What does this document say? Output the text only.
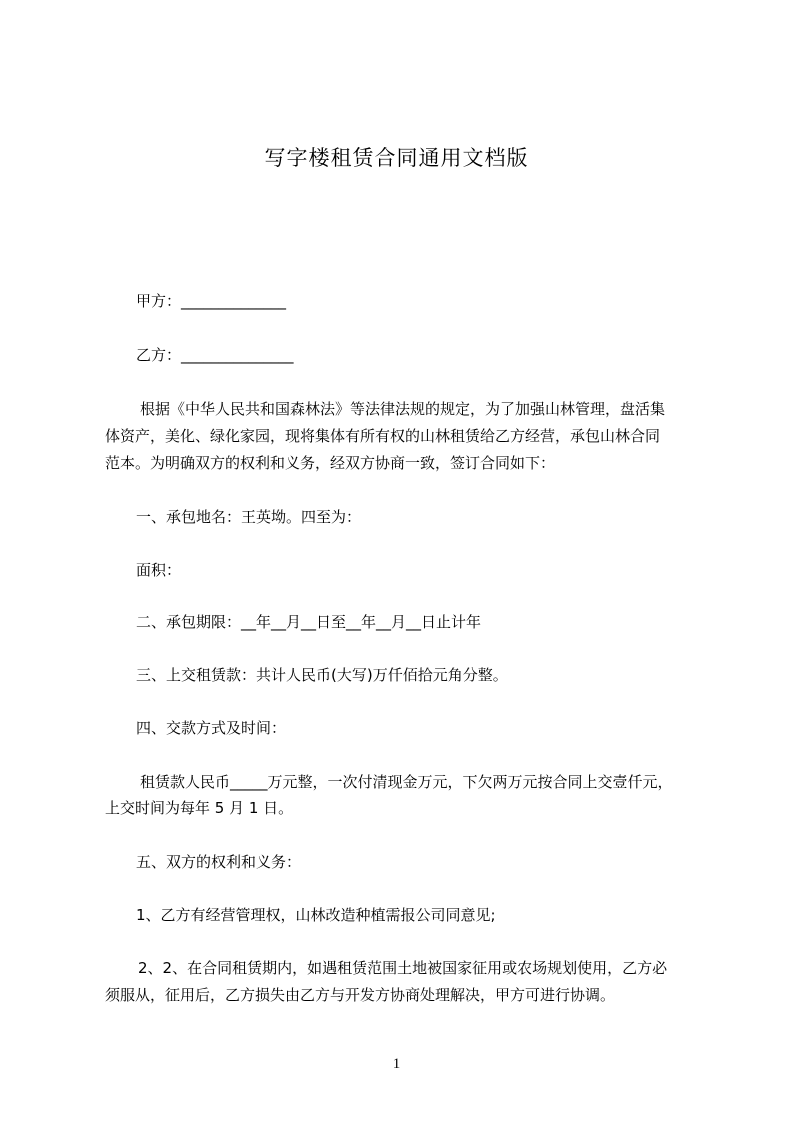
写字楼租赁合同通用文档版

甲方：______________

乙方：_______________

根据《中华人民共和国森林法》等法律法规的规定，为了加强山林管理，盘活集

体资产，美化、绿化家园，现将集体有所有权的山林租赁给乙方经营，承包山林合同

范本。为明确双方的权利和义务，经双方协商一致，签订合同如下：

一、承包地名：王英坳。四至为：

面积：

二、承包期限：__年__月__日至__年__月__日止计年

三、上交租赁款：共计人民币(大写)万仟佰拾元角分整。

四、交款方式及时间：

租赁款人民币_____万元整，一次付清现金万元，下欠两万元按合同上交壹仟元，

上交时间为每年 5 月 1 日。

五、双方的权利和义务：

1、乙方有经营管理权，山林改造种植需报公司同意见;

2、2、在合同租赁期内，如遇租赁范围土地被国家征用或农场规划使用，乙方必

须服从，征用后，乙方损失由乙方与开发方协商处理解决，甲方可进行协调。

1
